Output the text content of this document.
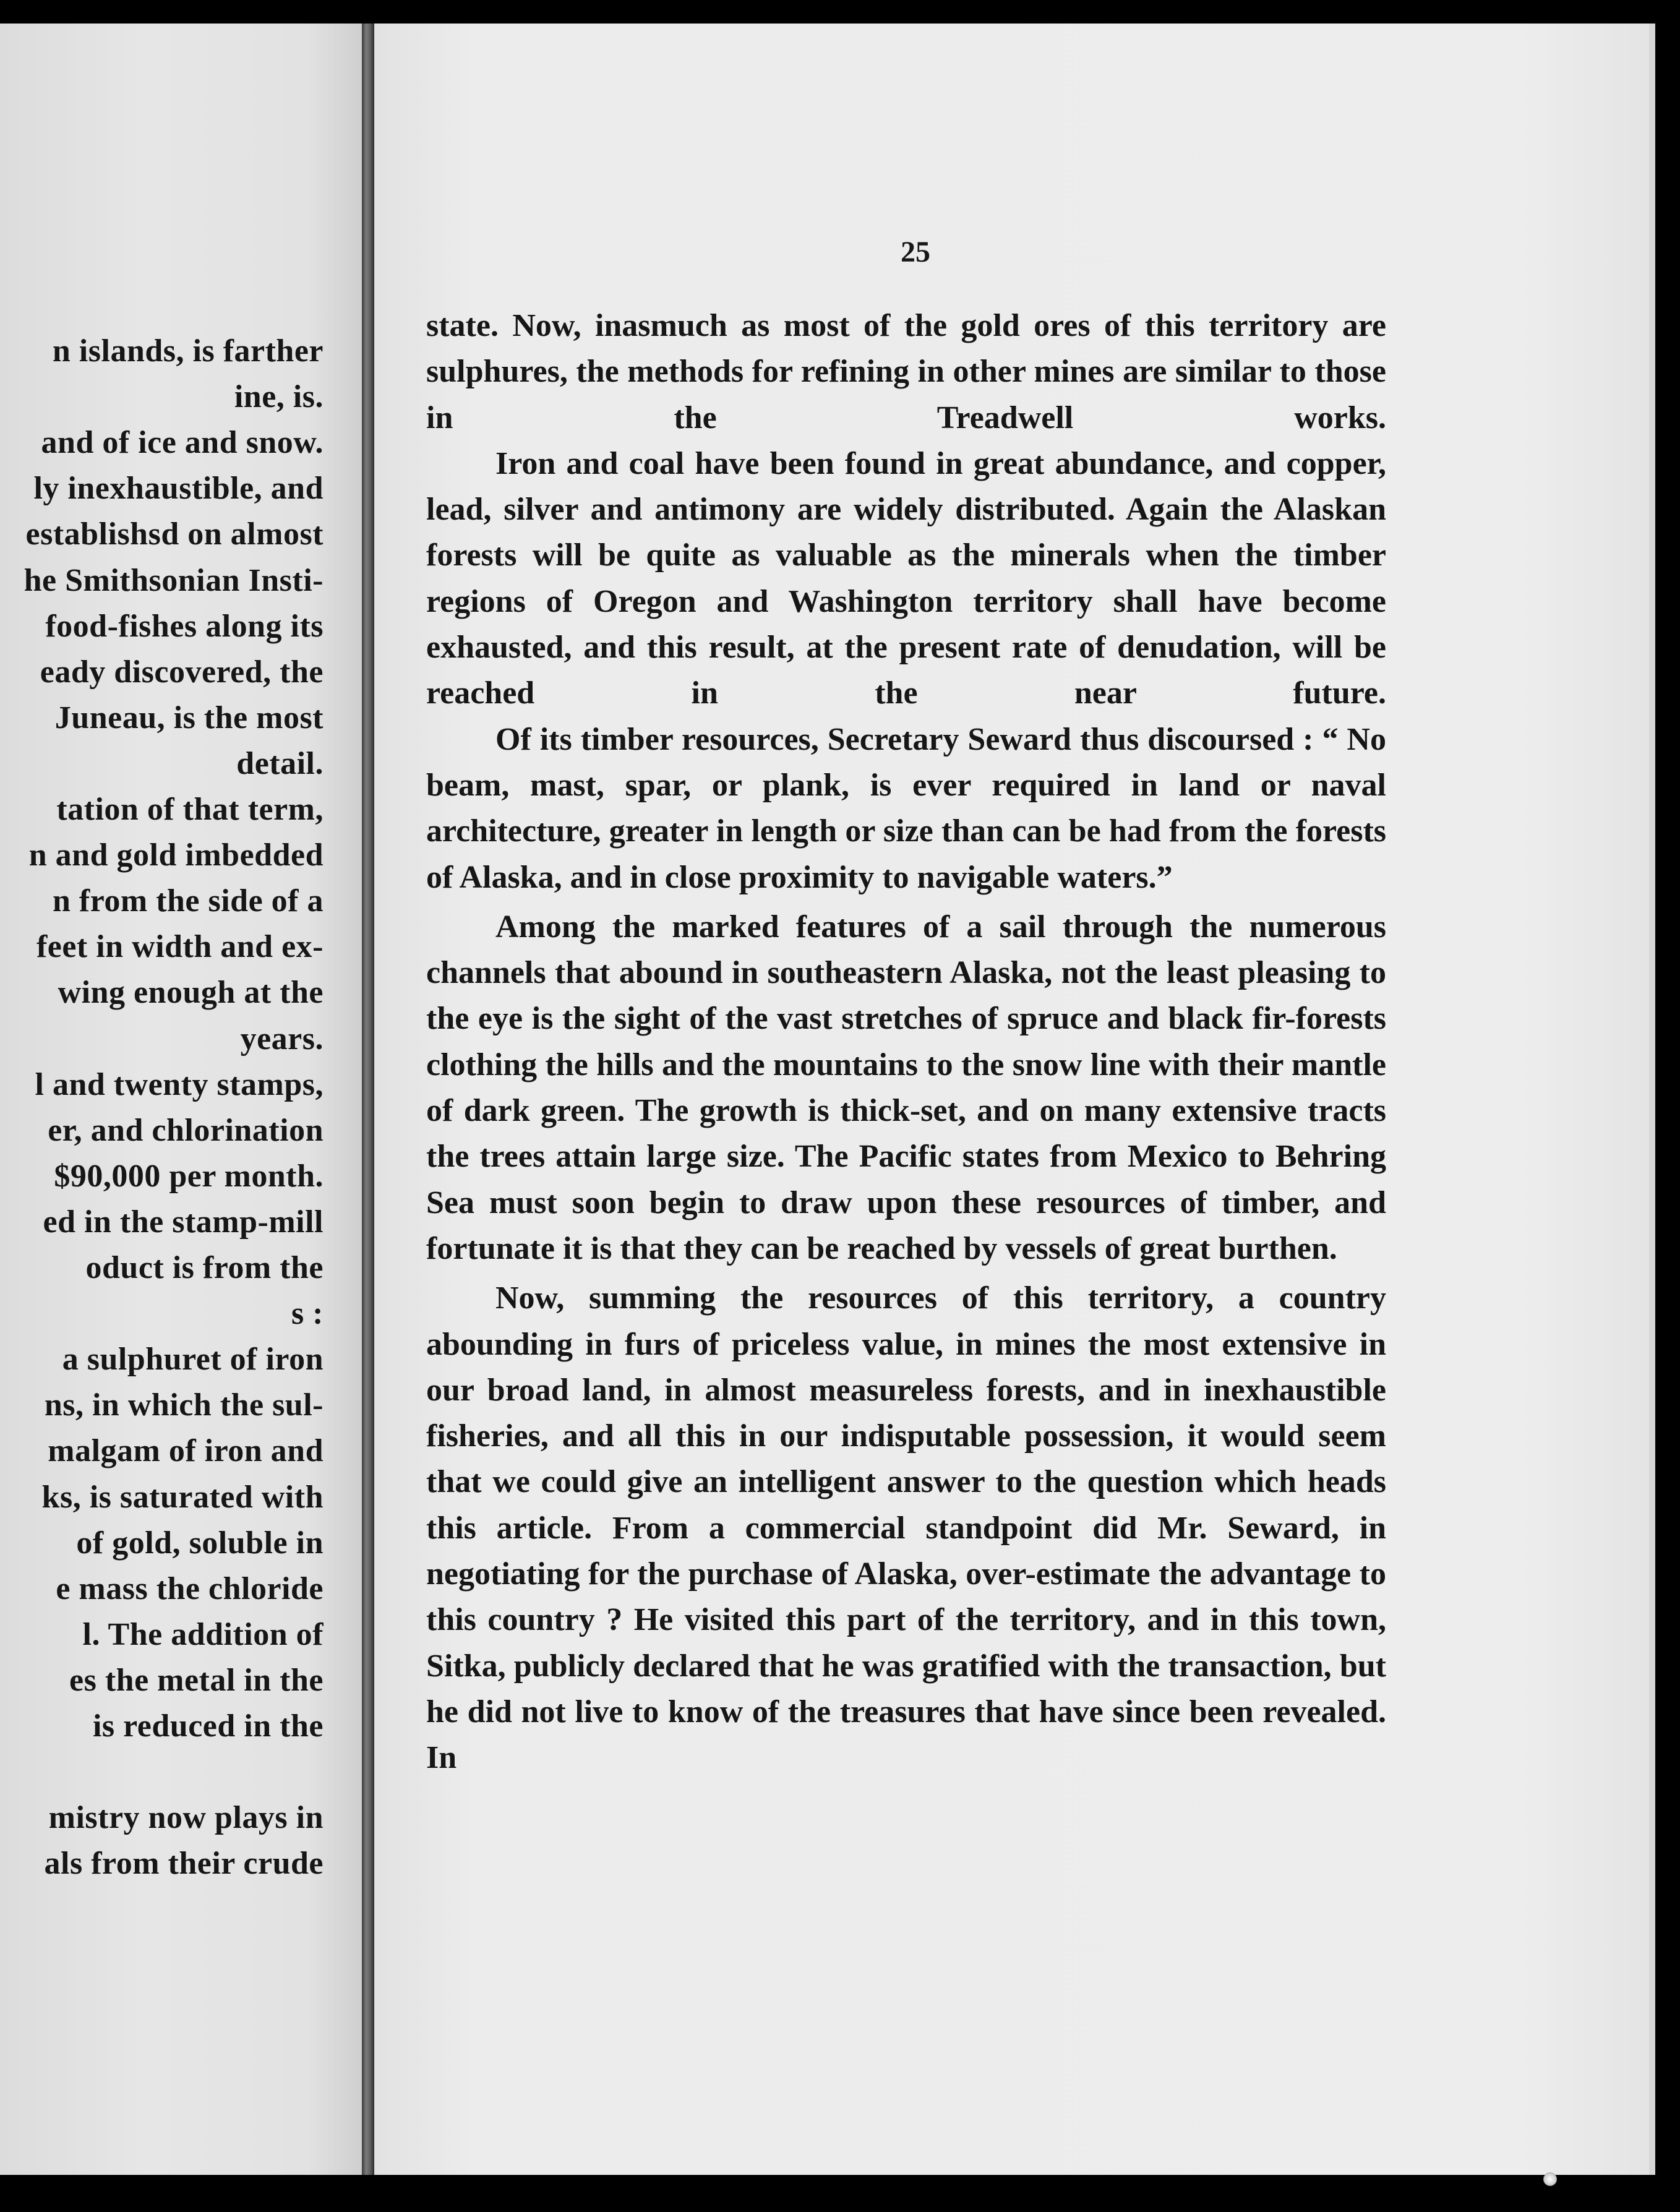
n islands, is farther
ine, is.
and of ice and snow.
ly inexhaustible, and
establishsd on almost
he Smithsonian Insti-
food-fishes along its
eady discovered, the
Juneau, is the most
detail.
tation of that term,
n and gold imbedded
n from the side of a
feet in width and ex-
wing enough at the
years.
l and twenty stamps,
er, and chlorination
$90,000 per month.
ed in the stamp-mill
oduct is from the
s :
a sulphuret of iron
ns, in which the sul-
malgam of iron and
ks, is saturated with
of gold, soluble in
e mass the chloride
l. The addition of
es the metal in the
is reduced in the
mistry now plays in
als from their crude
25

state. Now, inasmuch as most of the gold ores of this territory are sulphures, the methods for refining in other mines are similar to those in the Treadwell works.

Iron and coal have been found in great abundance, and copper, lead, silver and antimony are widely distributed. Again the Alaskan forests will be quite as valuable as the minerals when the timber regions of Oregon and Washington territory shall have become exhausted, and this result, at the present rate of denudation, will be reached in the near future.

Of its timber resources, Secretary Seward thus discoursed : “ No beam, mast, spar, or plank, is ever required in land or naval architecture, greater in length or size than can be had from the forests of Alaska, and in close proximity to navigable waters.”

Among the marked features of a sail through the numerous channels that abound in southeastern Alaska, not the least pleasing to the eye is the sight of the vast stretches of spruce and black fir-forests clothing the hills and the mountains to the snow line with their mantle of dark green. The growth is thick-set, and on many extensive tracts the trees attain large size. The Pacific states from Mexico to Behring Sea must soon begin to draw upon these resources of timber, and fortunate it is that they can be reached by vessels of great burthen.

Now, summing the resources of this territory, a country abounding in furs of priceless value, in mines the most extensive in our broad land, in almost measureless forests, and in inexhaustible fisheries, and all this in our indisputable possession, it would seem that we could give an intelligent answer to the question which heads this article. From a commercial standpoint did Mr. Seward, in negotiating for the purchase of Alaska, over-estimate the advantage to this country ? He visited this part of the territory, and in this town, Sitka, publicly declared that he was gratified with the transaction, but he did not live to know of the treasures that have since been revealed. In
